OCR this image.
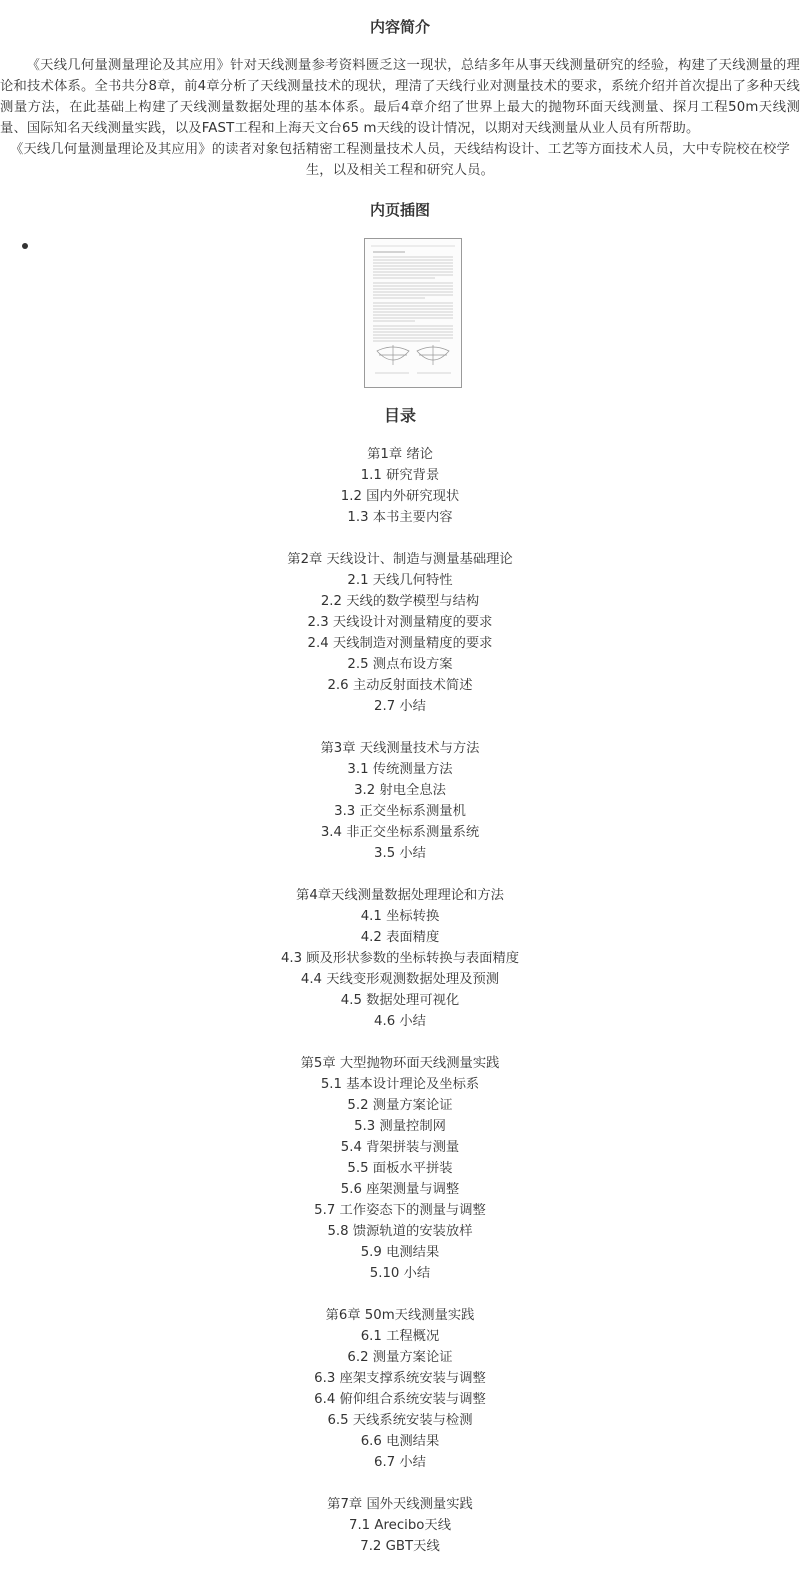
内容简介

《天线几何量测量理论及其应用》针对天线测量参考资料匮乏这一现状，总结多年从事天线测量研究的经验，构建了天线测量的理论和技术体系。全书共分8章，前4章分析了天线测量技术的现状，理清了天线行业对测量技术的要求，系统介绍并首次提出了多种天线测量方法，在此基础上构建了天线测量数据处理的基本体系。最后4章介绍了世界上最大的抛物环面天线测量、探月工程50m天线测量、国际知名天线测量实践，以及FAST工程和上海天文台65 m天线的设计情况，以期对天线测量从业人员有所帮助。

《天线几何量测量理论及其应用》的读者对象包括精密工程测量技术人员，天线结构设计、工艺等方面技术人员，大中专院校在校学生，以及相关工程和研究人员。

内页插图
目录
第1章 绪论
1.1 研究背景
1.2 国内外研究现状
1.3 本书主要内容
第2章 天线设计、制造与测量基础理论
2.1 天线几何特性
2.2 天线的数学模型与结构
2.3 天线设计对测量精度的要求
2.4 天线制造对测量精度的要求
2.5 测点布设方案
2.6 主动反射面技术简述
2.7 小结
第3章 天线测量技术与方法
3.1 传统测量方法
3.2 射电全息法
3.3 正交坐标系测量机
3.4 非正交坐标系测量系统
3.5 小结
第4章天线测量数据处理理论和方法
4.1 坐标转换
4.2 表面精度
4.3 顾及形状参数的坐标转换与表面精度
4.4 天线变形观测数据处理及预测
4.5 数据处理可视化
4.6 小结
第5章 大型抛物环面天线测量实践
5.1 基本设计理论及坐标系
5.2 测量方案论证
5.3 测量控制网
5.4 背架拼装与测量
5.5 面板水平拼装
5.6 座架测量与调整
5.7 工作姿态下的测量与调整
5.8 馈源轨道的安装放样
5.9 电测结果
5.10 小结
第6章 50m天线测量实践
6.1 工程概况
6.2 测量方案论证
6.3 座架支撑系统安装与调整
6.4 俯仰组合系统安装与调整
6.5 天线系统安装与检测
6.6 电测结果
6.7 小结
第7章 国外天线测量实践
7.1 Arecibo天线
7.2 GBT天线
